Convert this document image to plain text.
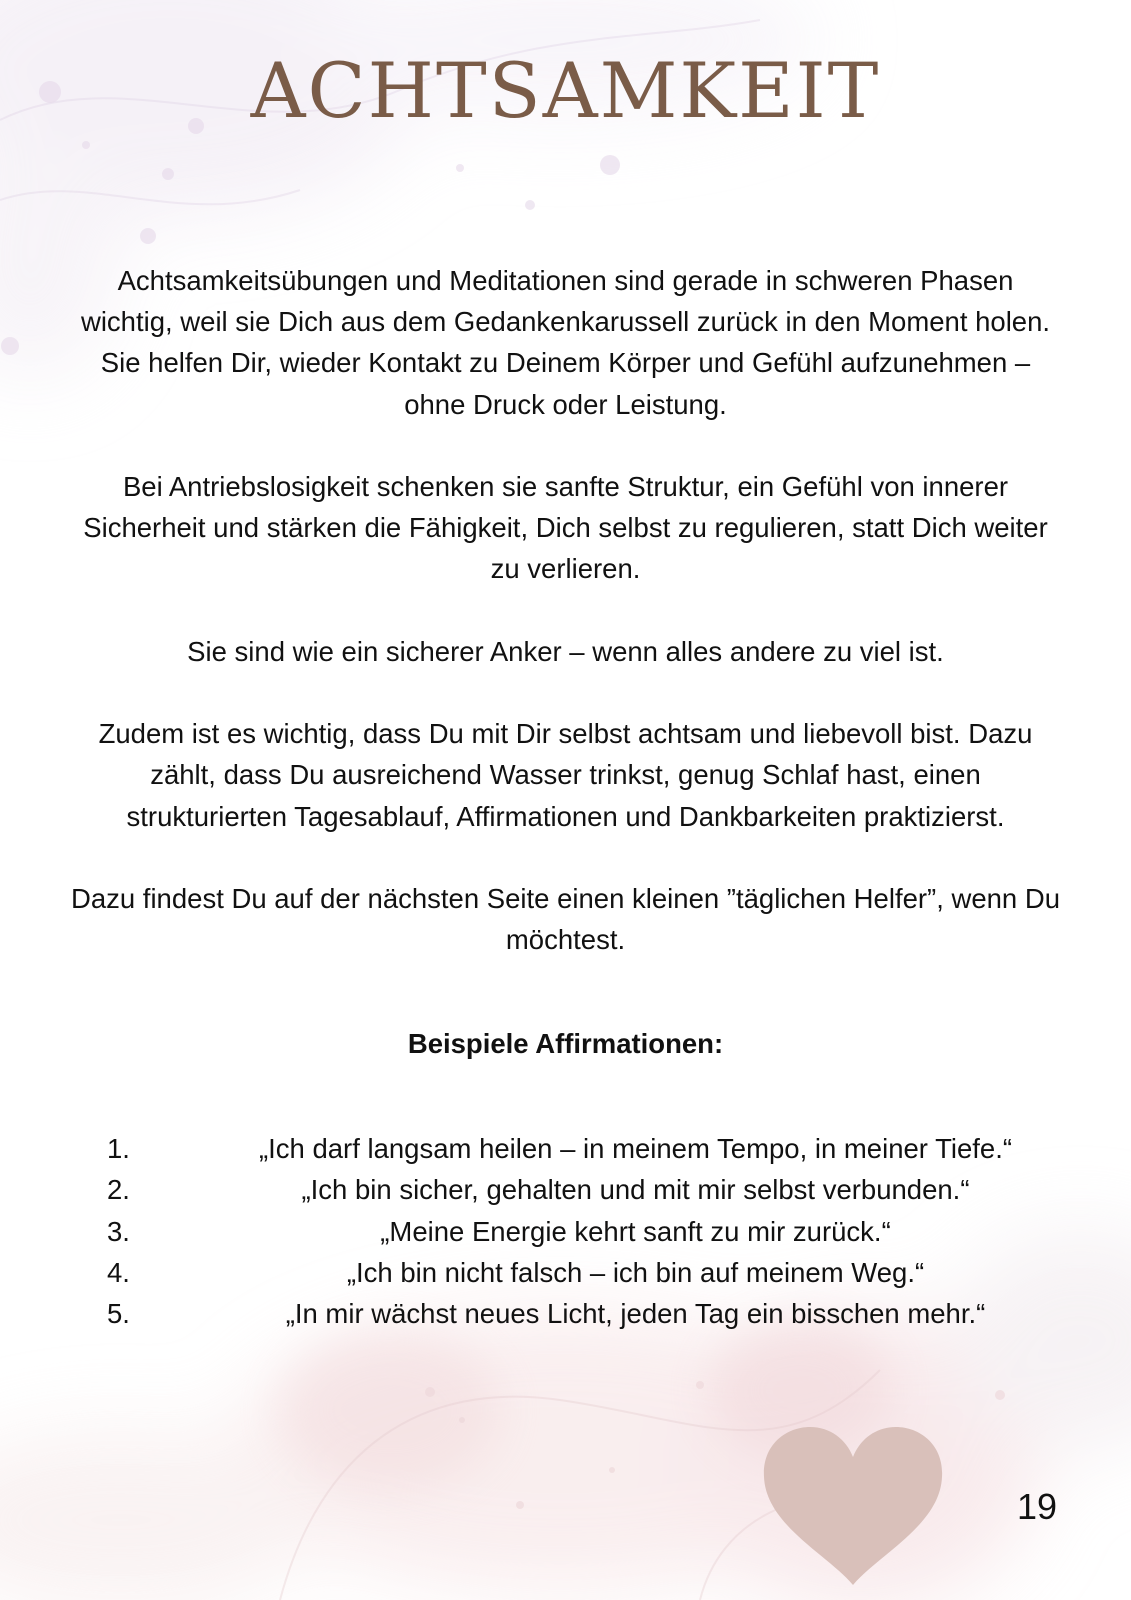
ACHTSAMKEIT

Achtsamkeitsübungen und Meditationen sind gerade in schweren Phasen wichtig, weil sie Dich aus dem Gedankenkarussell zurück in den Moment holen. Sie helfen Dir, wieder Kontakt zu Deinem Körper und Gefühl aufzunehmen – ohne Druck oder Leistung.

Bei Antriebslosigkeit schenken sie sanfte Struktur, ein Gefühl von innerer Sicherheit und stärken die Fähigkeit, Dich selbst zu regulieren, statt Dich weiter zu verlieren.

Sie sind wie ein sicherer Anker – wenn alles andere zu viel ist.

Zudem ist es wichtig, dass Du mit Dir selbst achtsam und liebevoll bist. Dazu zählt, dass Du ausreichend Wasser trinkst, genug Schlaf hast, einen strukturierten Tagesablauf, Affirmationen und Dankbarkeiten praktizierst.

Dazu findest Du auf der nächsten Seite einen kleinen ”täglichen Helfer”, wenn Du möchtest.

Beispiele Affirmationen:
1.	„Ich darf langsam heilen – in meinem Tempo, in meiner Tiefe.“
2.	„Ich bin sicher, gehalten und mit mir selbst verbunden.“
3.	„Meine Energie kehrt sanft zu mir zurück.“
4.	„Ich bin nicht falsch – ich bin auf meinem Weg.“
5.	„In mir wächst neues Licht, jeden Tag ein bisschen mehr.“
19
